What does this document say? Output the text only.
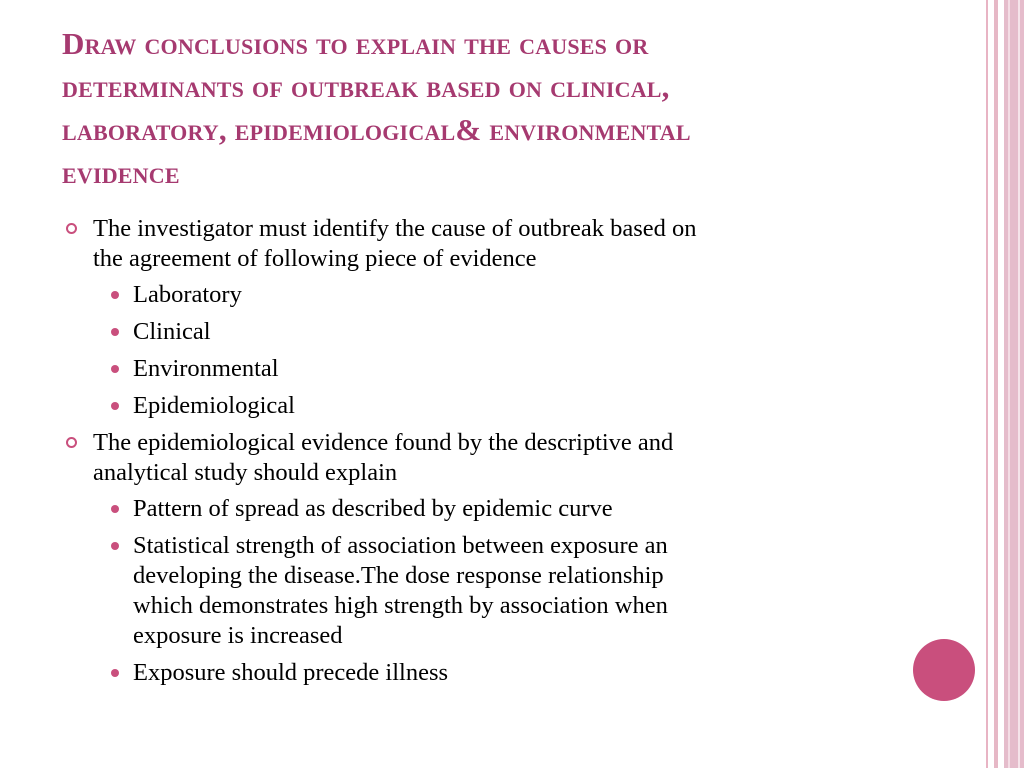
Draw conclusions to explain the causes or
determinants of outbreak based on clinical,
laboratory, epidemiological& environmental
evidence
The investigator must identify the cause of outbreak based on
the agreement of following piece of evidence
Laboratory
Clinical
Environmental
Epidemiological
The epidemiological evidence found by the descriptive and
analytical study should explain
Pattern of spread as described by epidemic curve
Statistical strength of association between exposure an
developing the disease.The dose response relationship
which demonstrates high strength by association when
exposure is increased
Exposure should precede illness
